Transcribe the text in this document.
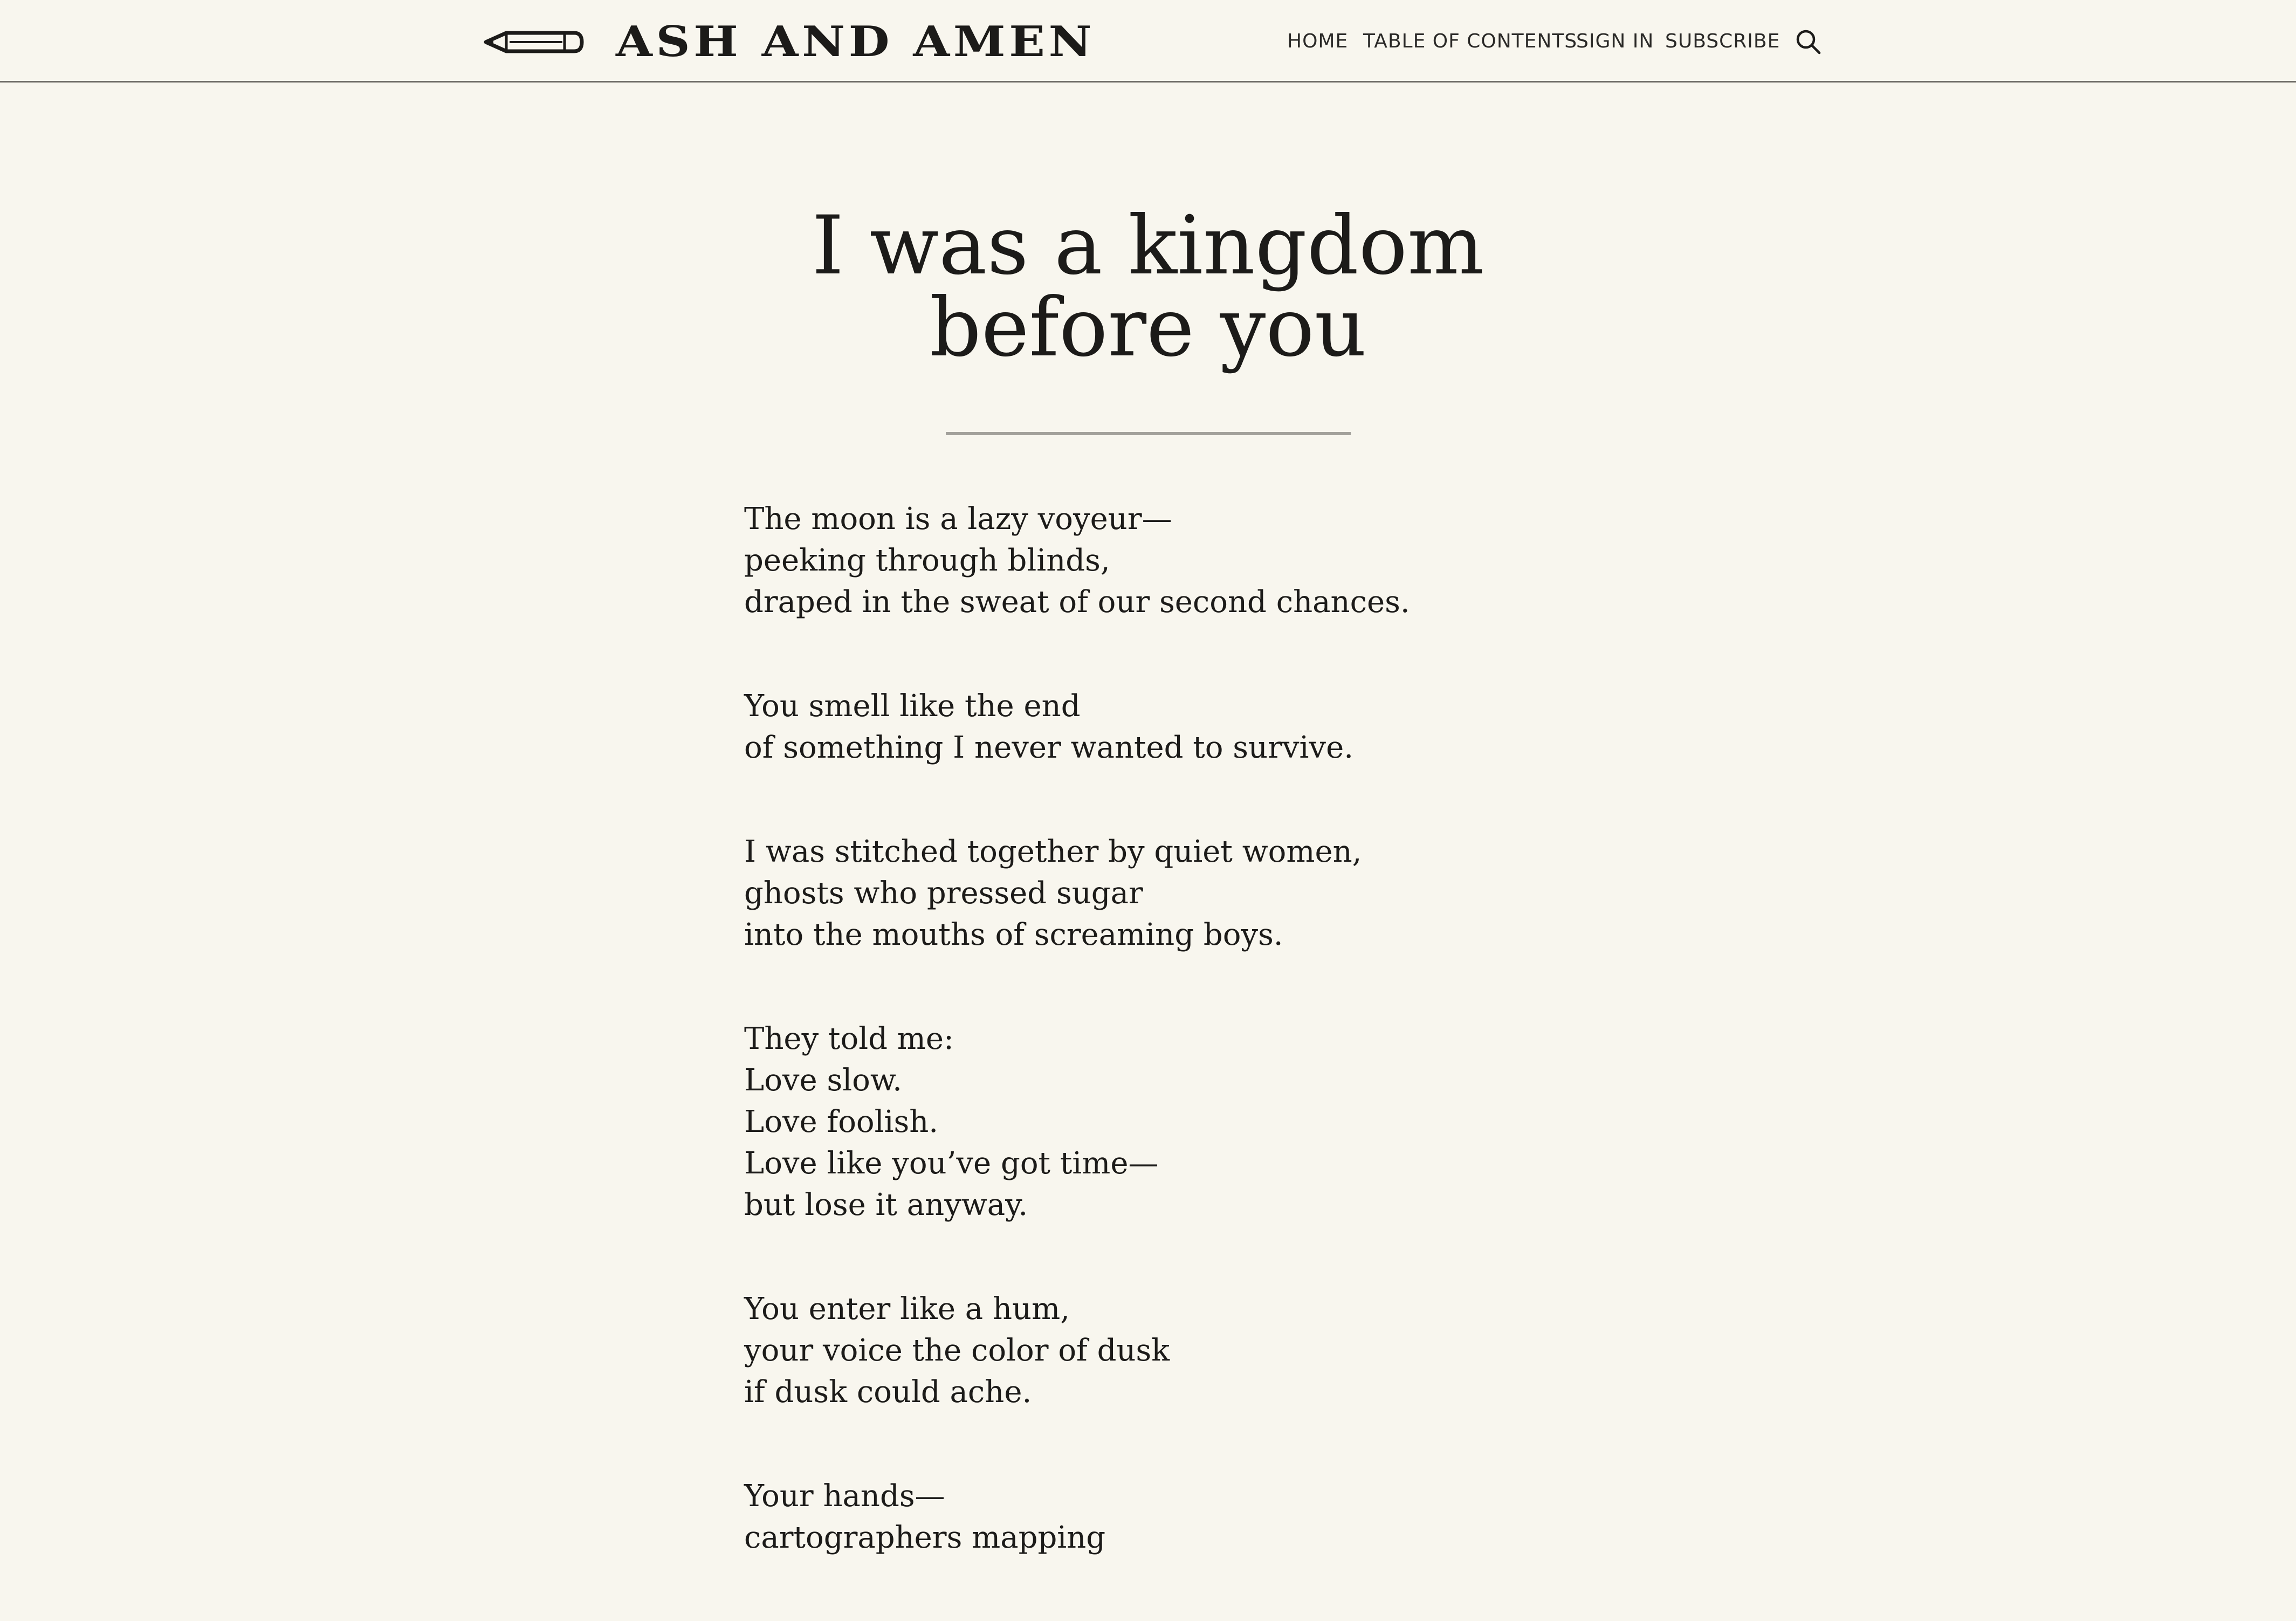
ASH AND AMEN	HOME TABLE OF CONTENTS
SIGN IN SUBSCRIBE
I was a kingdom
before you

The moon is a lazy voyeur—
peeking through blinds,
draped in the sweat of our second chances.

You smell like the end
of something I never wanted to survive.

I was stitched together by quiet women,
ghosts who pressed sugar
into the mouths of screaming boys.

They told me:
Love slow.
Love foolish.
Love like you’ve got time—
but lose it anyway.

You enter like a hum,
your voice the color of dusk
if dusk could ache.

Your hands—
cartographers mapping
